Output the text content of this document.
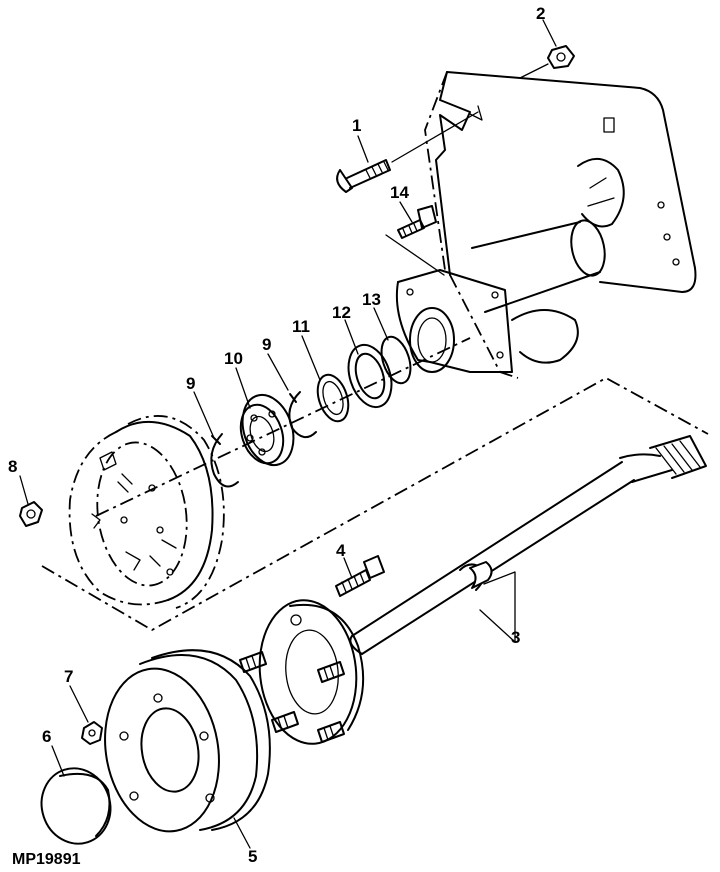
1
2
3
4
5
6
7
8
9
10
9
11
12
13
14
MP19891
